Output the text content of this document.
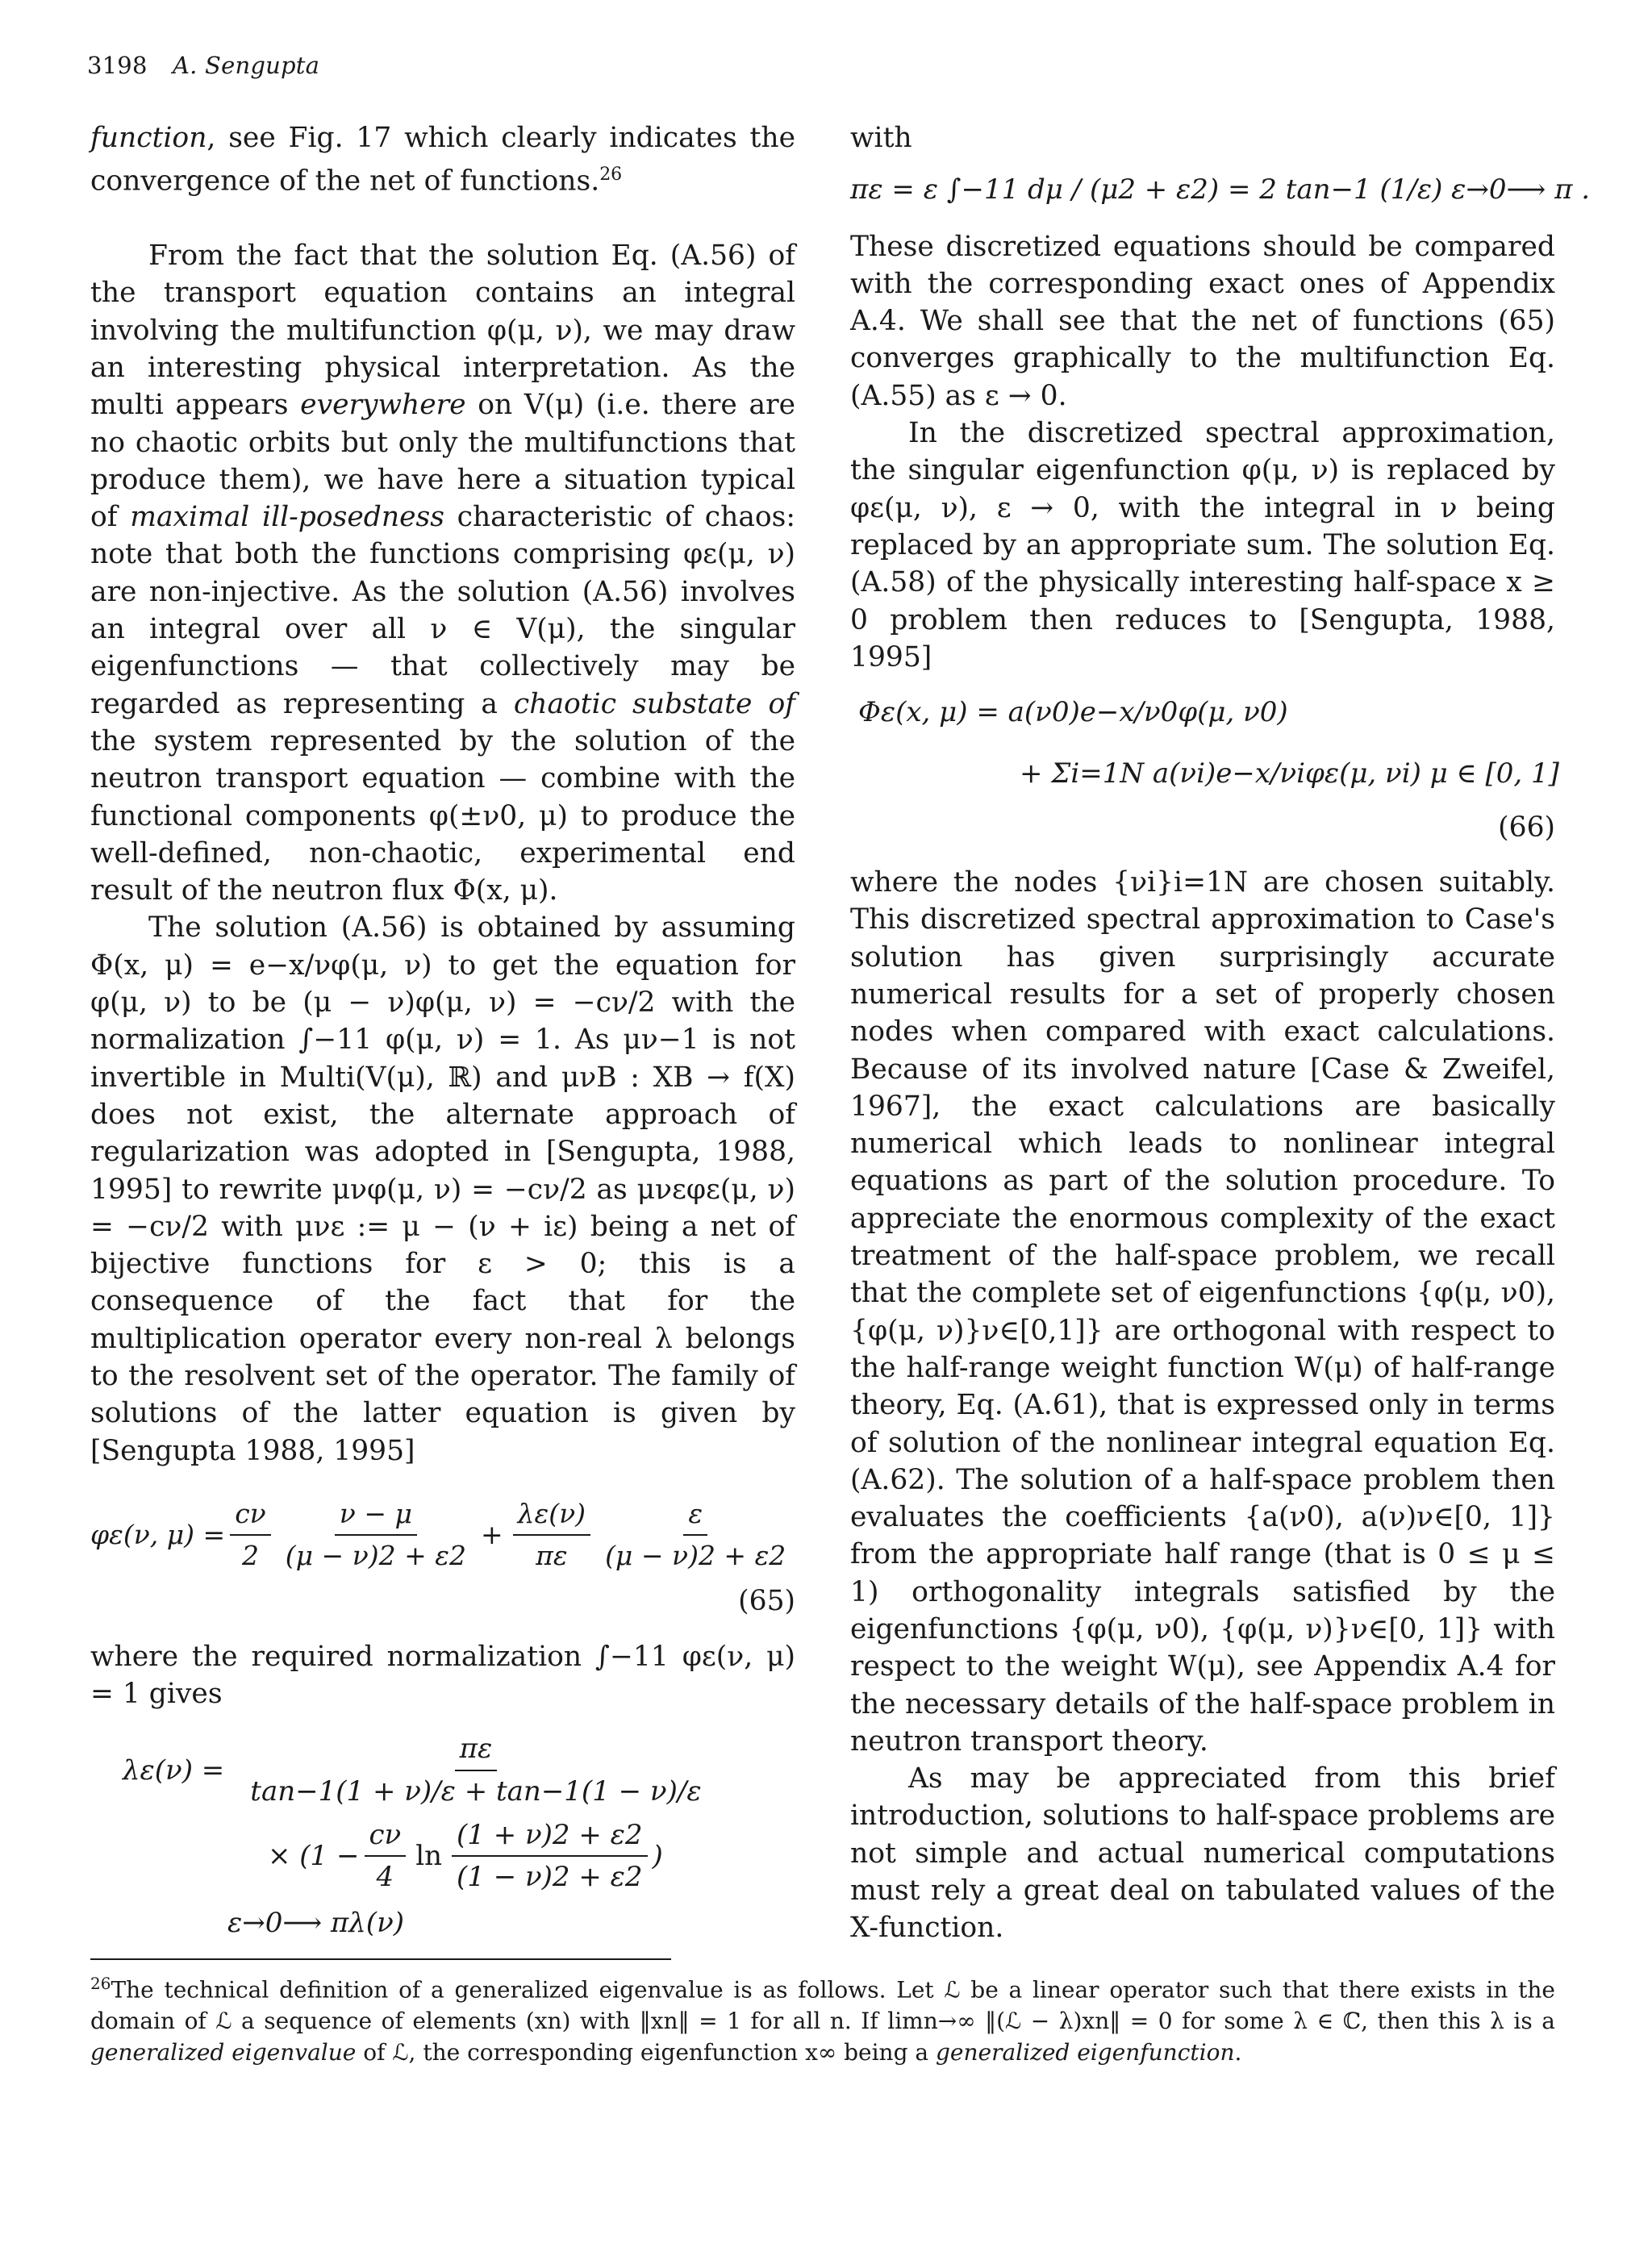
3198 A. Sengupta

function, see Fig. 17 which clearly indicates the convergence of the net of functions.$^{26}$

From the fact that the solution Eq. (A.56) of the transport equation contains an integral involving the multifunction φ(μ, ν), we may draw an interesting physical interpretation. As the multi appears everywhere on V(μ) (i.e. there are no chaotic orbits but only the multifunctions that produce them), we have here a situation typical of maximal ill-posedness characteristic of chaos: note that both the functions comprising φε(μ, ν) are non-injective. As the solution (A.56) involves an integral over all ν ∈ V(μ), the singular eigenfunctions — that collectively may be regarded as representing a chaotic substate of the system represented by the solution of the neutron transport equation — combine with the functional components φ(±ν0, μ) to produce the well-defined, non-chaotic, experimental end result of the neutron flux Φ(x, μ).

The solution (A.56) is obtained by assuming Φ(x, μ) = e−x/νφ(μ, ν) to get the equation for φ(μ, ν) to be (μ − ν)φ(μ, ν) = −cν/2 with the normalization ∫−11 φ(μ, ν) = 1. As μν−1 is not invertible in Multi(V(μ), ℝ) and μνB : XB → f(X) does not exist, the alternate approach of regularization was adopted in [Sengupta, 1988, 1995] to rewrite μνφ(μ, ν) = −cν/2 as μνεφε(μ, ν) = −cν/2 with μνε := μ − (ν + iε) being a net of bijective functions for ε > 0; this is a consequence of the fact that for the multiplication operator every non-real λ belongs to the resolvent set of the operator. The family of solutions of the latter equation is given by [Sengupta 1988, 1995]

φε(ν, $\mu) = \frac{c\nu}{2} \frac{\nu - \mu}{(\mu - \nu)2 + \varepsilon 2} + \frac{\lambda\varepsilon(\nu)}{\pi\varepsilon} \frac{\varepsilon}{(\mu - \nu)2 + \varepsilon 2}$
(65)

where the required normalization ∫−11 φε(ν, μ) = 1 gives

$\lambda\varepsilon(\nu) = \frac{\pi\varepsilon}{\tan-1(1 + \nu)/\varepsilon + \tan-1(1 - \nu)/\varepsilon}$
× ($1 - \frac{c\nu}{4}$ $\ln \frac{(1 + \nu)2 + \varepsilon 2}{(1 - \nu)2 + \varepsilon 2}$ )
ε→0⟶ πλ(ν)

with

πε = ε ∫−11 dμ / (μ2 + ε2) = 2 tan−1 (1/ε) ε→0⟶ π .

These discretized equations should be compared with the corresponding exact ones of Appendix A.4. We shall see that the net of functions (65) converges graphically to the multifunction Eq. (A.55) as ε → 0.

In the discretized spectral approximation, the singular eigenfunction φ(μ, ν) is replaced by φε(μ, ν), ε → 0, with the integral in ν being replaced by an appropriate sum. The solution Eq. (A.58) of the physically interesting half-space x ≥ 0 problem then reduces to [Sengupta, 1988, 1995]

Φε(x, μ) = a(ν0)e−x/ν0φ(μ, ν0)
+ Σi=1N a(νi)e−x/νiφε(μ, νi) μ ∈ [0, 1]
(66)

where the nodes {νi}i=1N are chosen suitably. This discretized spectral approximation to Case's solution has given surprisingly accurate numerical results for a set of properly chosen nodes when compared with exact calculations. Because of its involved nature [Case & Zweifel, 1967], the exact calculations are basically numerical which leads to nonlinear integral equations as part of the solution procedure. To appreciate the enormous complexity of the exact treatment of the half-space problem, we recall that the complete set of eigenfunctions {φ(μ, ν0), {φ(μ, ν)}ν∈[0,1]} are orthogonal with respect to the half-range weight function W(μ) of half-range theory, Eq. (A.61), that is expressed only in terms of solution of the nonlinear integral equation Eq. (A.62). The solution of a half-space problem then evaluates the coefficients {a(ν0), a(ν)ν∈[0, 1]} from the appropriate half range (that is 0 ≤ μ ≤ 1) orthogonality integrals satisfied by the eigenfunctions {φ(μ, ν0), {φ(μ, ν)}ν∈[0, 1]} with respect to the weight W(μ), see Appendix A.4 for the necessary details of the half-space problem in neutron transport theory.

As may be appreciated from this brief introduction, solutions to half-space problems are not simple and actual numerical computations must rely a great deal on tabulated values of the X-function.

$^{26}$The technical definition of a generalized eigenvalue is as follows. Let ℒ be a linear operator such that there exists in the domain of ℒ a sequence of elements (xn) with ‖xn‖ = 1 for all n. If limn→∞ ‖(ℒ − λ)xn‖ = 0 for some λ ∈ ℂ, then this λ is a generalized eigenvalue of ℒ, the corresponding eigenfunction x∞ being a generalized eigenfunction.
